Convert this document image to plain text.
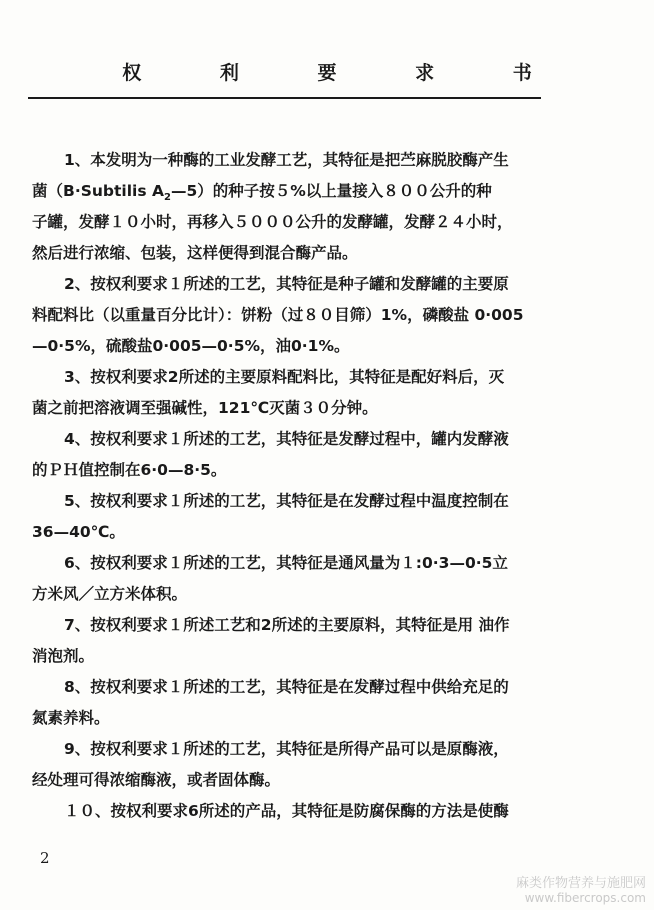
权 利 要 求 书
1、本发明为一种酶的工业发酵工艺，其特征是把苎麻脱胶酶产生
菌（B·Subtilis $A_2—5$）的种子按５%以上量接入８００公升的种
子罐，发酵１０小时，再移入５０００公升的发酵罐，发酵２４小时，
然后进行浓缩、包装，这样便得到混合酶产品。
2、按权利要求１所述的工艺，其特征是种子罐和发酵罐的主要原
料配料比（以重量百分比计）：饼粉（过８０目筛）1%，磷酸盐 0·005
—0·5%，硫酸盐0·005—0·5%，油0·1%。
3、按权利要求2所述的主要原料配料比，其特征是配好料后，灭
菌之前把溶液调至强碱性，121℃灭菌３０分钟。
4、按权利要求１所述的工艺，其特征是发酵过程中，罐内发酵液
的ＰＨ值控制在6·0—8·5。
5、按权利要求１所述的工艺，其特征是在发酵过程中温度控制在
36—40℃。
6、按权利要求１所述的工艺，其特征是通风量为１:0·3—0·5立
方米风／立方米体积。
7、按权利要求１所述工艺和2所述的主要原料，其特征是用 油作
消泡剂。
8、按权利要求１所述的工艺，其特征是在发酵过程中供给充足的
氮素养料。
9、按权利要求１所述的工艺，其特征是所得产品可以是原酶液，
经处理可得浓缩酶液，或者固体酶。
１０、按权利要求6所述的产品，其特征是防腐保酶的方法是使酶
2
麻类作物营养与施肥网
www.fibercrops.com
